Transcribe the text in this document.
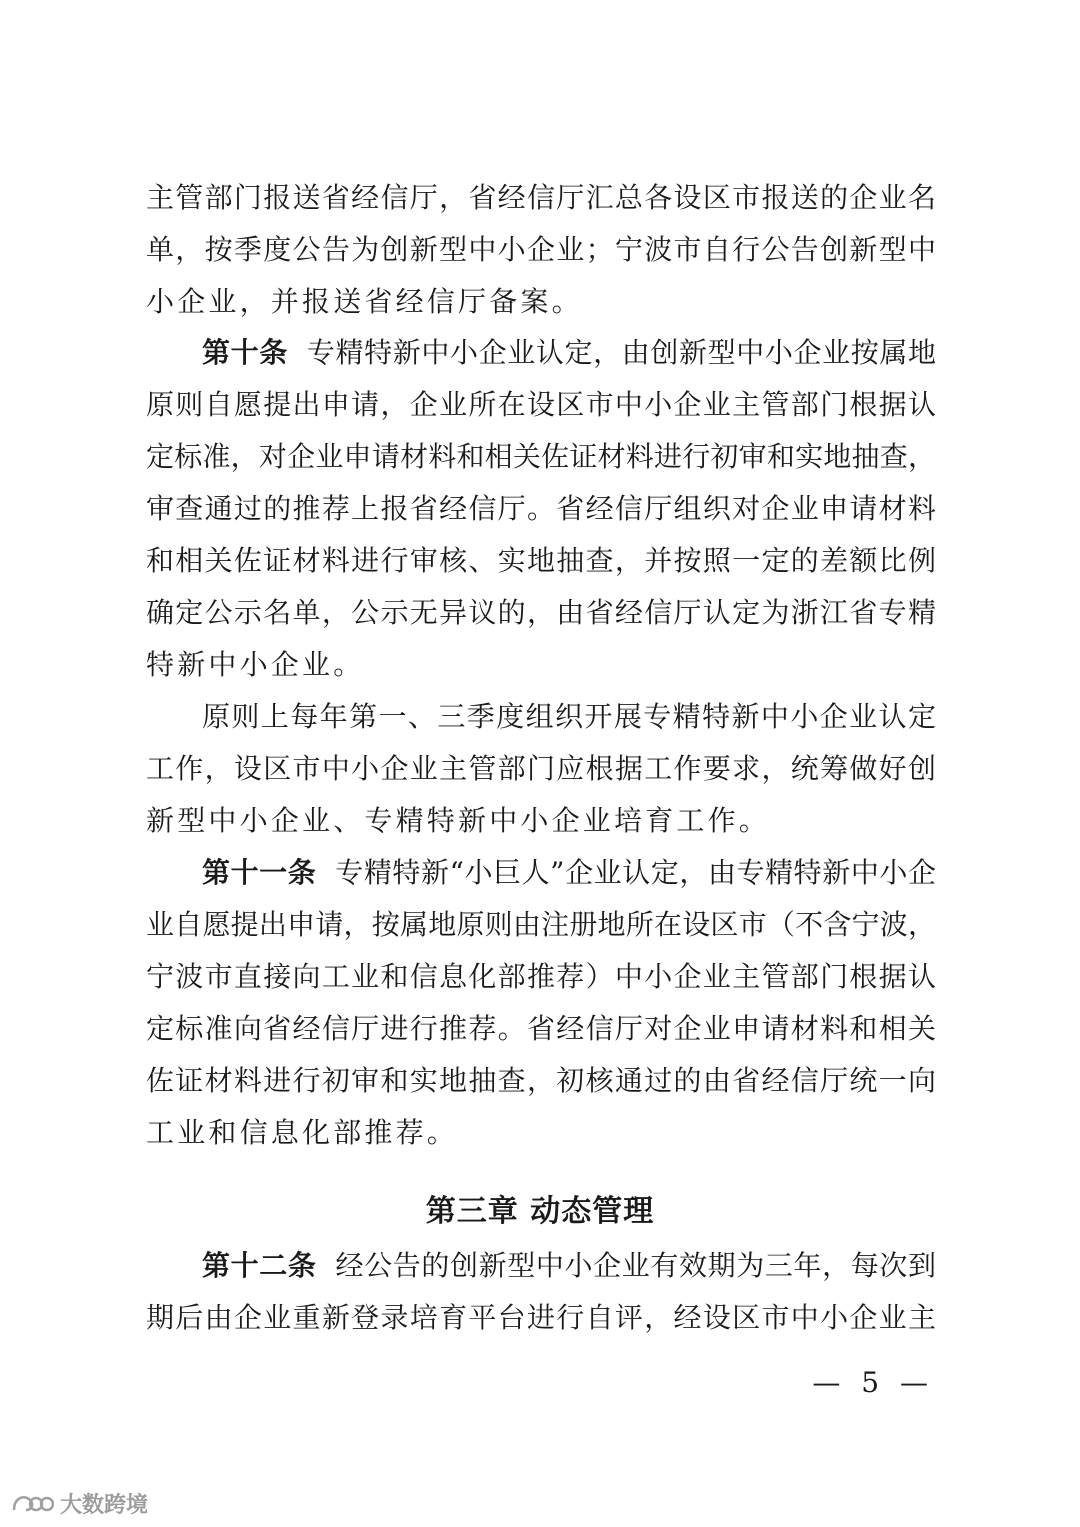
主管部门报送省经信厅，省经信厅汇总各设区市报送的企业名
单，按季度公告为创新型中小企业；宁波市自行公告创新型中
小企业，并报送省经信厅备案。
第十条 专精特新中小企业认定，由创新型中小企业按属地
原则自愿提出申请，企业所在设区市中小企业主管部门根据认
定标准，对企业申请材料和相关佐证材料进行初审和实地抽查，
审查通过的推荐上报省经信厅。省经信厅组织对企业申请材料
和相关佐证材料进行审核、实地抽查，并按照一定的差额比例
确定公示名单，公示无异议的，由省经信厅认定为浙江省专精
特新中小企业。
原则上每年第一、三季度组织开展专精特新中小企业认定
工作，设区市中小企业主管部门应根据工作要求，统筹做好创
新型中小企业、专精特新中小企业培育工作。
第十一条 专精特新“小巨人”企业认定，由专精特新中小企
业自愿提出申请，按属地原则由注册地所在设区市（不含宁波，
宁波市直接向工业和信息化部推荐）中小企业主管部门根据认
定标准向省经信厅进行推荐。省经信厅对企业申请材料和相关
佐证材料进行初审和实地抽查，初核通过的由省经信厅统一向
工业和信息化部推荐。
第三章 动态管理
第十二条 经公告的创新型中小企业有效期为三年，每次到
期后由企业重新登录培育平台进行自评，经设区市中小企业主
— 5 —
大数跨境
